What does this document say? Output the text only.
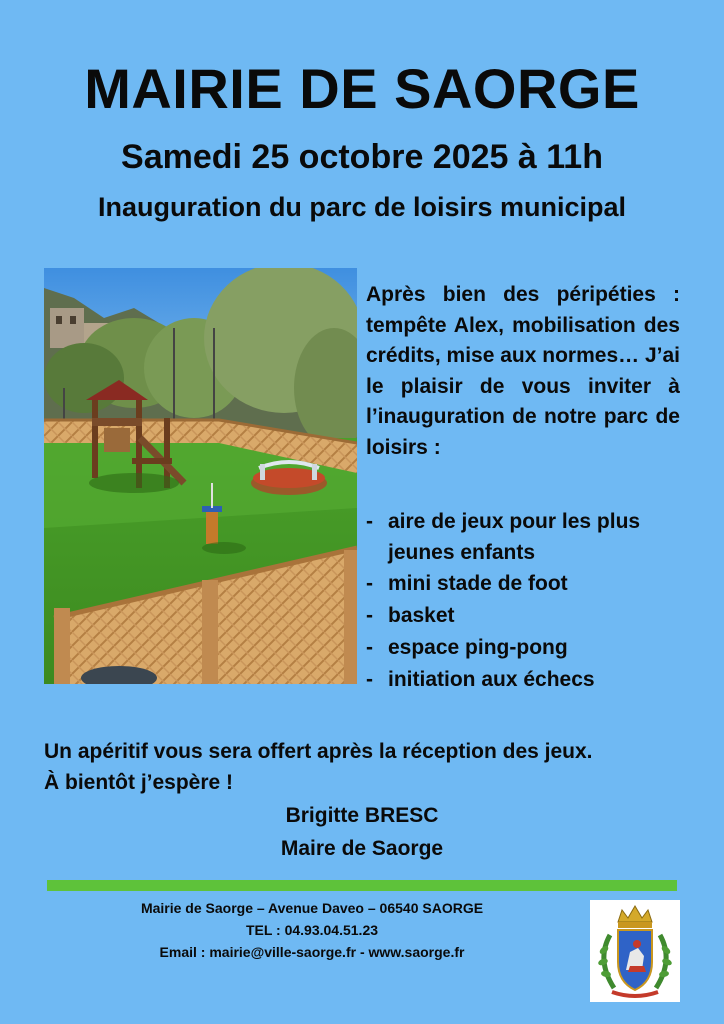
MAIRIE DE SAORGE
Samedi 25 octobre 2025 à 11h
Inauguration du parc de loisirs municipal
Après bien des péripéties : tempête Alex, mobilisation des crédits, mise aux normes… J’ai le plaisir de vous inviter à l’inauguration de notre parc de loisirs :
- aire de jeux pour les plus jeunes enfants
- mini stade de foot
- basket
- espace ping-pong
- initiation aux échecs
Un apéritif vous sera offert après la réception des jeux.
À bientôt j’espère !
Brigitte BRESC
Maire de Saorge
Mairie de Saorge – Avenue Daveo – 06540 SAORGE
TEL : 04.93.04.51.23
Email : mairie@ville-saorge.fr - www.saorge.fr
